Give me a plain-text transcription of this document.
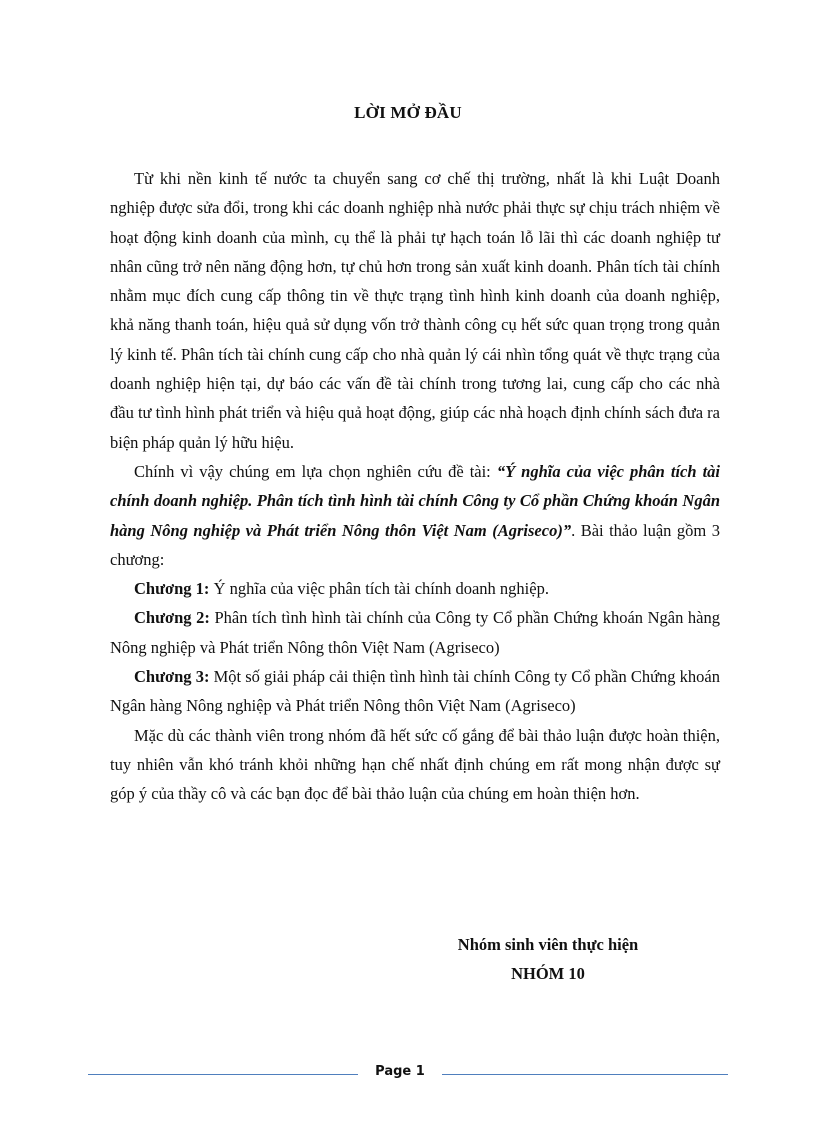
LỜI MỞ ĐẦU

Từ khi nền kinh tế nước ta chuyển sang cơ chế thị trường, nhất là khi Luật Doanh nghiệp được sửa đổi, trong khi các doanh nghiệp nhà nước phải thực sự chịu trách nhiệm về hoạt động kinh doanh của mình, cụ thể là phải tự hạch toán lỗ lãi thì các doanh nghiệp tư nhân cũng trở nên năng động hơn, tự chủ hơn trong sản xuất kinh doanh. Phân tích tài chính nhằm mục đích cung cấp thông tin về thực trạng tình hình kinh doanh của doanh nghiệp, khả năng thanh toán, hiệu quả sử dụng vốn trở thành công cụ hết sức quan trọng trong quản lý kinh tế. Phân tích tài chính cung cấp cho nhà quản lý cái nhìn tổng quát về thực trạng của doanh nghiệp hiện tại, dự báo các vấn đề tài chính trong tương lai, cung cấp cho các nhà đầu tư tình hình phát triển và hiệu quả hoạt động, giúp các nhà hoạch định chính sách đưa ra biện pháp quản lý hữu hiệu.

Chính vì vậy chúng em lựa chọn nghiên cứu đề tài: “Ý nghĩa của việc phân tích tài chính doanh nghiệp. Phân tích tình hình tài chính Công ty Cổ phần Chứng khoán Ngân hàng Nông nghiệp và Phát triển Nông thôn Việt Nam (Agriseco)”. Bài thảo luận gồm 3 chương:

Chương 1: Ý nghĩa của việc phân tích tài chính doanh nghiệp.

Chương 2: Phân tích tình hình tài chính của Công ty Cổ phần Chứng khoán Ngân hàng Nông nghiệp và Phát triển Nông thôn Việt Nam (Agriseco)

Chương 3: Một số giải pháp cải thiện tình hình tài chính Công ty Cổ phần Chứng khoán Ngân hàng Nông nghiệp và Phát triển Nông thôn Việt Nam (Agriseco)

Mặc dù các thành viên trong nhóm đã hết sức cố gắng để bài thảo luận được hoàn thiện, tuy nhiên vẫn khó tránh khỏi những hạn chế nhất định chúng em rất mong nhận được sự góp ý của thầy cô và các bạn đọc để bài thảo luận của chúng em hoàn thiện hơn.

Nhóm sinh viên thực hiện
NHÓM 10
Page 1
